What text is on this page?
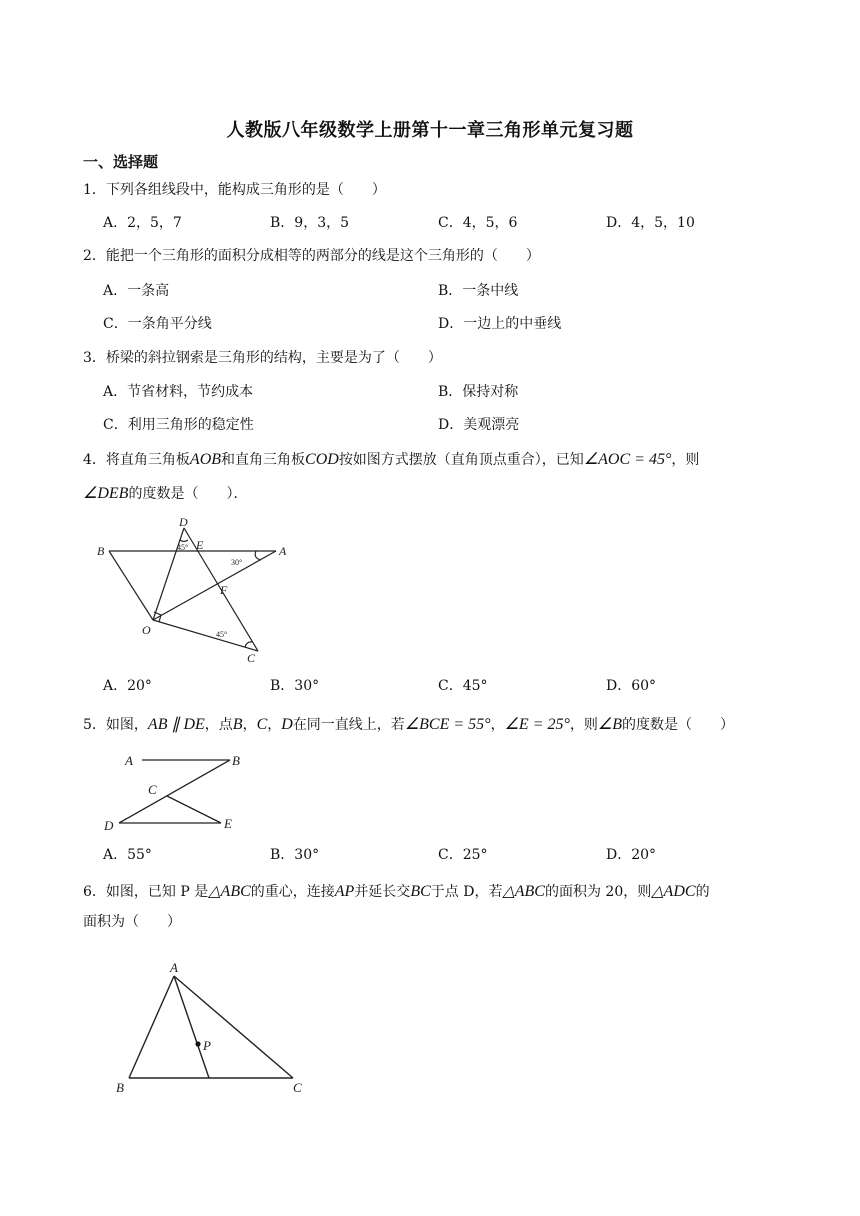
人教版八年级数学上册第十一章三角形单元复习题
一、选择题
1．下列各组线段中，能构成三角形的是（　　）
A．2，5，7	B．9，3，5	C．4，5，6	D．4，5，10
2．能把一个三角形的面积分成相等的两部分的线是这个三角形的（　　）
A．一条高	B．一条中线
C．一条角平分线	D．一边上的中垂线
3．桥梁的斜拉钢索是三角形的结构，主要是为了（　　）
A．节省材料，节约成本	B．保持对称
C．利用三角形的稳定性	D．美观漂亮
4．将直角三角板AOB和直角三角板COD按如图方式摆放（直角顶点重合），已知∠AOC = 45°，则
∠DEB的度数是（　　）．
D
E
B	A
F
O
C
45°
30°
45°
A．20°	B．30°	C．45°	D．60°
5．如图，AB ∥ DE，点B，C，D在同一直线上，若∠BCE = 55°，∠E = 25°，则∠B的度数是（　　）
A	B
C
D	E
A．55°	B．30°	C．25°	D．20°
6．如图，已知 P 是△ABC的重心，连接AP并延长交BC于点 D，若△ABC的面积为 20，则△ADC的
面积为（　　）
A
P
B	C
